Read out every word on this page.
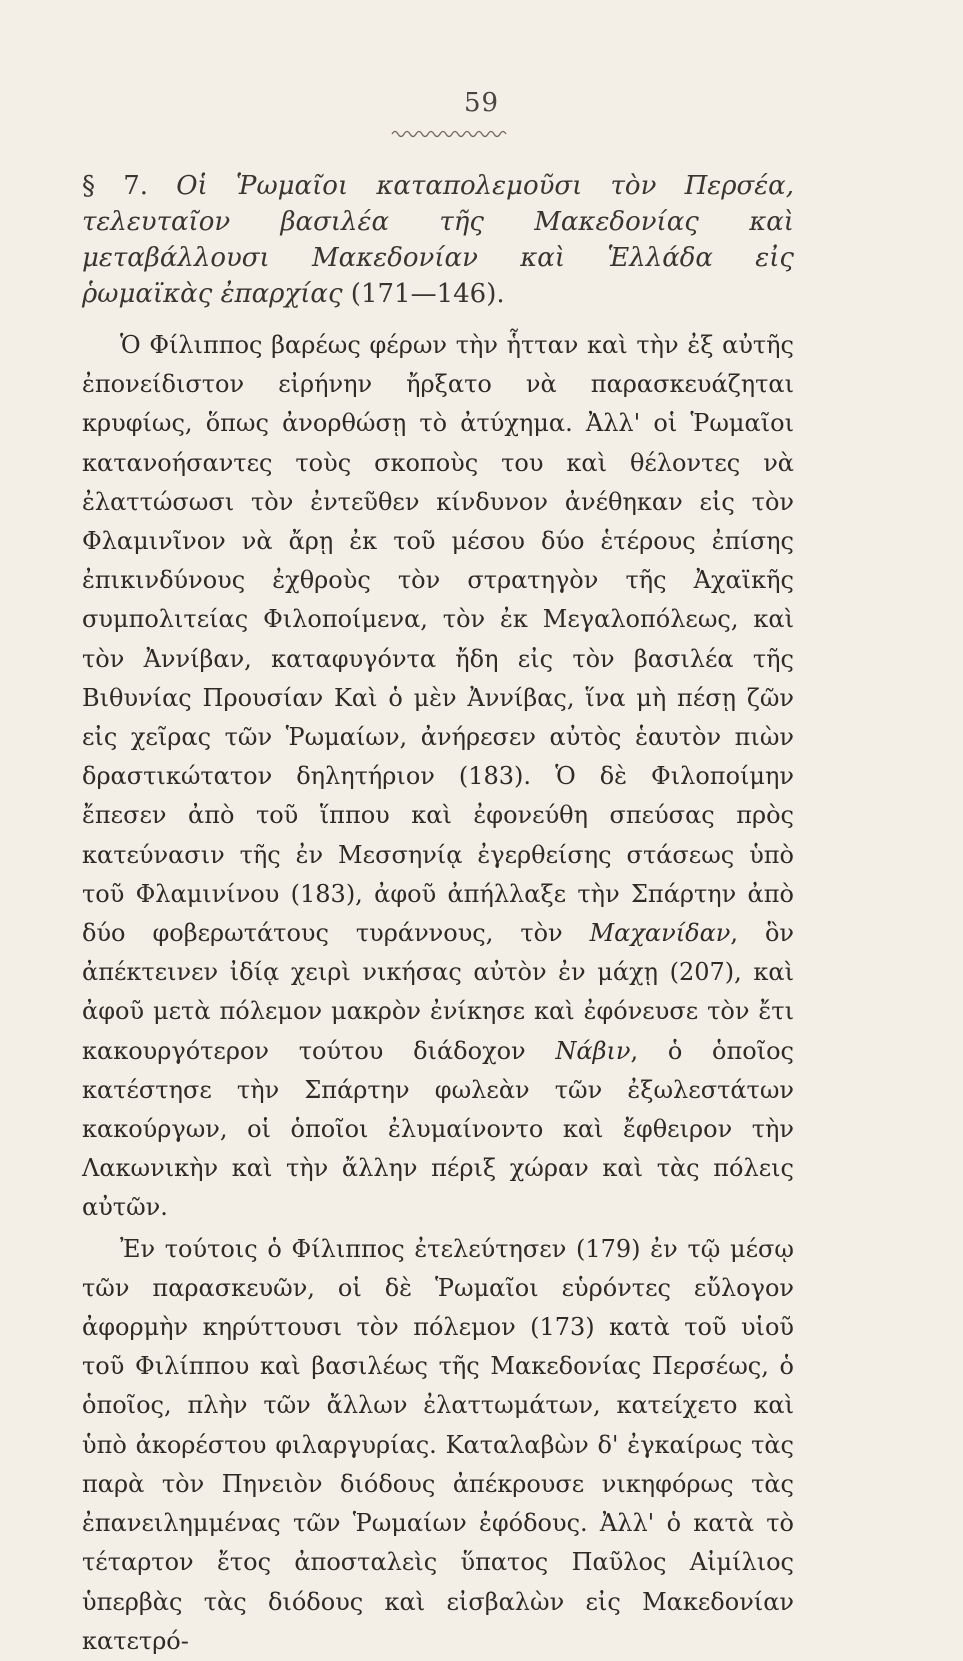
59

§ 7. Οἱ Ῥωμαῖοι καταπολεμοῦσι τὸν Περσέα, τελευταῖον βασιλέα τῆς Μακεδονίας καὶ μεταβάλλουσι Μακεδονίαν καὶ Ἑλλάδα εἰς ῥωμαϊκὰς ἐπαρχίας (171—146).

Ὁ Φίλιππος βαρέως φέρων τὴν ἧτταν καὶ τὴν ἐξ αὐτῆς ἐπονείδιστον εἰρήνην ἤρξατο νὰ παρασκευάζηται κρυφίως, ὅπως ἀνορθώσῃ τὸ ἀτύχημα. Ἀλλ' οἱ Ῥωμαῖοι κατανοήσαντες τοὺς σκοποὺς του καὶ θέλοντες νὰ ἐλαττώσωσι τὸν ἐντεῦθεν κίνδυνον ἀνέθηκαν εἰς τὸν Φλαμινῖνον νὰ ἄρῃ ἐκ τοῦ μέσου δύο ἑτέρους ἐπίσης ἐπικινδύνους ἐχθροὺς τὸν στρατηγὸν τῆς Ἀχαϊκῆς συμπολιτείας Φιλοποίμενα, τὸν ἐκ Μεγαλοπόλεως, καὶ τὸν Ἀννίβαν, καταφυγόντα ἤδη εἰς τὸν βασιλέα τῆς Βιθυνίας Προυσίαν Καὶ ὁ μὲν Ἀννίβας, ἵνα μὴ πέσῃ ζῶν εἰς χεῖρας τῶν Ῥωμαίων, ἀνήρεσεν αὐτὸς ἑαυτὸν πιὼν δραστικώτατον δηλητήριον (183). Ὁ δὲ Φιλοποίμην ἔπεσεν ἀπὸ τοῦ ἵππου καὶ ἐφονεύθη σπεύσας πρὸς κατεύνασιν τῆς ἐν Μεσσηνίᾳ ἐγερθείσης στάσεως ὑπὸ τοῦ Φλαμινίνου (183), ἀφοῦ ἀπήλλαξε τὴν Σπάρτην ἀπὸ δύο φοβερωτάτους τυράννους, τὸν Μαχανίδαν, ὃν ἀπέκτεινεν ἰδίᾳ χειρὶ νικήσας αὐτὸν ἐν μάχῃ (207), καὶ ἀφοῦ μετὰ πόλεμον μακρὸν ἐνίκησε καὶ ἐφόνευσε τὸν ἔτι κακουργότερον τούτου διάδοχον Νάβιν, ὁ ὁποῖος κατέστησε τὴν Σπάρτην φωλεὰν τῶν ἐξωλεστάτων κακούργων, οἱ ὁποῖοι ἐλυμαίνοντο καὶ ἔφθειρον τὴν Λακωνικὴν καὶ τὴν ἄλλην πέριξ χώραν καὶ τὰς πόλεις αὐτῶν.

Ἐν τούτοις ὁ Φίλιππος ἐτελεύτησεν (179) ἐν τῷ μέσῳ τῶν παρασκευῶν, οἱ δὲ Ῥωμαῖοι εὑρόντες εὔλογον ἀφορμὴν κηρύττουσι τὸν πόλεμον (173) κατὰ τοῦ υἱοῦ τοῦ Φιλίππου καὶ βασιλέως τῆς Μακεδονίας Περσέως, ὁ ὁποῖος, πλὴν τῶν ἄλλων ἐλαττωμάτων, κατείχετο καὶ ὑπὸ ἀκορέστου φιλαργυρίας. Καταλαβὼν δ' ἐγκαίρως τὰς παρὰ τὸν Πηνειὸν διόδους ἀπέκρουσε νικηφόρως τὰς ἐπανειλημμένας τῶν Ῥωμαίων ἐφόδους. Ἀλλ' ὁ κατὰ τὸ τέταρτον ἔτος ἀποσταλεὶς ὕπατος Παῦλος Αἰμίλιος ὑπερβὰς τὰς διόδους καὶ εἰσβαλὼν εἰς Μακεδονίαν κατετρό-
